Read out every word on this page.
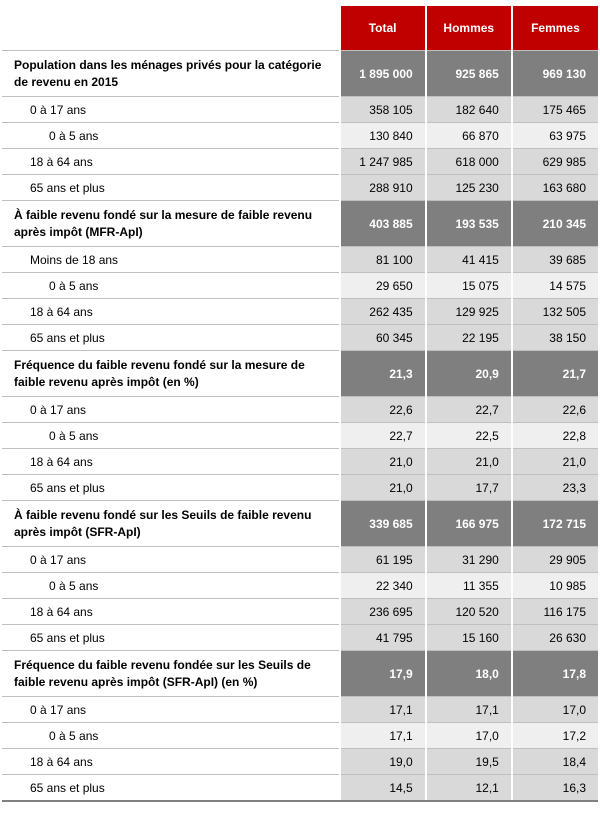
	Total	Hommes	Femmes
Population dans les ménages privés pour la catégorie de revenu en 2015	1 895 000	925 865	969 130
0 à 17 ans	358 105	182 640	175 465
0 à 5 ans	130 840	66 870	63 975
18 à 64 ans	1 247 985	618 000	629 985
65 ans et plus	288 910	125 230	163 680
À faible revenu fondé sur la mesure de faible revenu après impôt (MFR-ApI)	403 885	193 535	210 345
Moins de 18 ans	81 100	41 415	39 685
0 à 5 ans	29 650	15 075	14 575
18 à 64 ans	262 435	129 925	132 505
65 ans et plus	60 345	22 195	38 150
Fréquence du faible revenu fondé sur la mesure de faible revenu après impôt (en %)	21,3	20,9	21,7
0 à 17 ans	22,6	22,7	22,6
0 à 5 ans	22,7	22,5	22,8
18 à 64 ans	21,0	21,0	21,0
65 ans et plus	21,0	17,7	23,3
À faible revenu fondé sur les Seuils de faible revenu après impôt (SFR-ApI)	339 685	166 975	172 715
0 à 17 ans	61 195	31 290	29 905
0 à 5 ans	22 340	11 355	10 985
18 à 64 ans	236 695	120 520	116 175
65 ans et plus	41 795	15 160	26 630
Fréquence du faible revenu fondée sur les Seuils de faible revenu après impôt (SFR-ApI) (en %)	17,9	18,0	17,8
0 à 17 ans	17,1	17,1	17,0
0 à 5 ans	17,1	17,0	17,2
18 à 64 ans	19,0	19,5	18,4
65 ans et plus	14,5	12,1	16,3
